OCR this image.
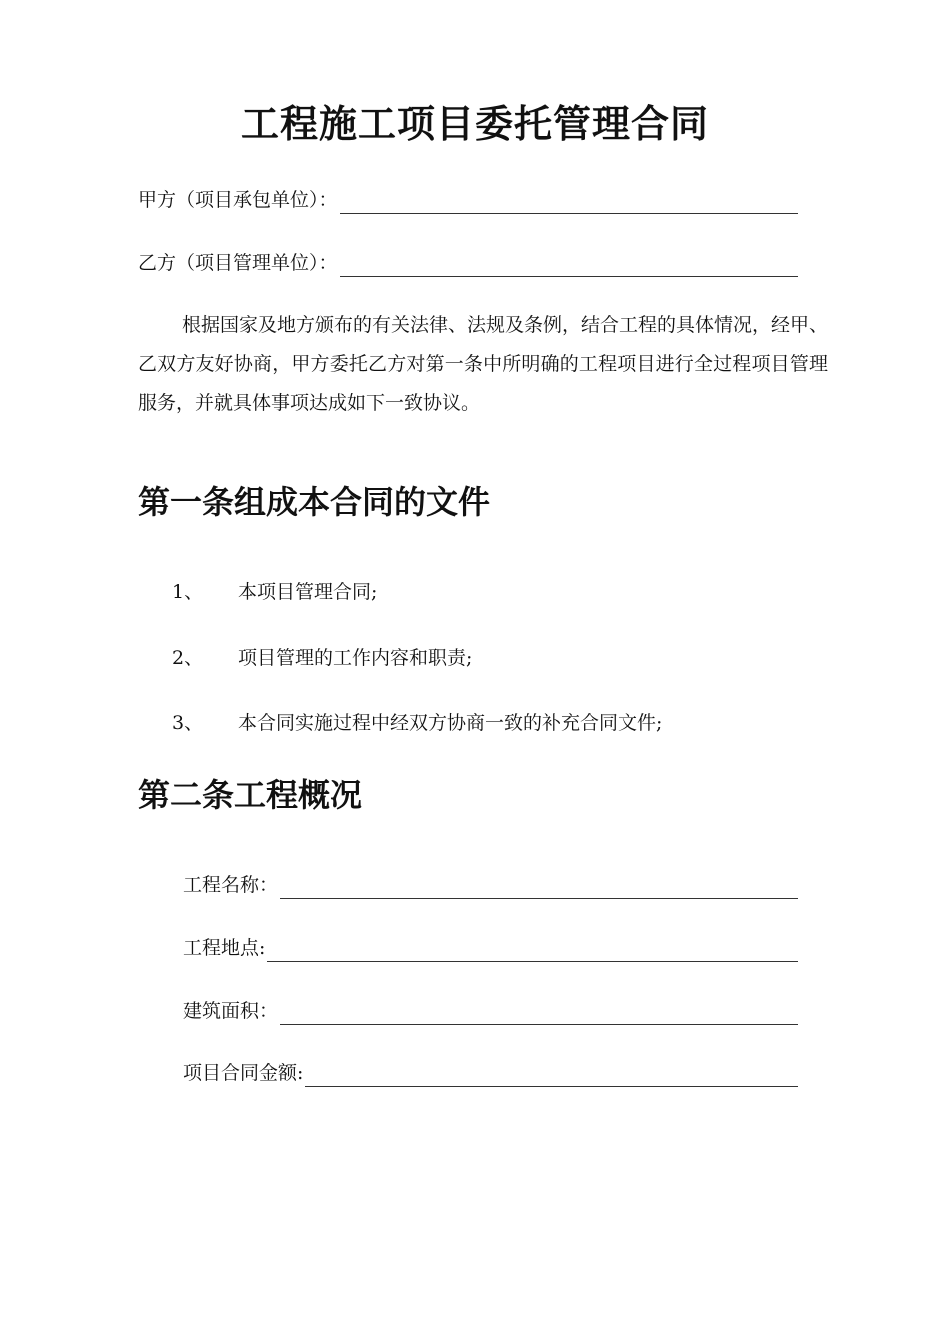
工程施工项目委托管理合同
甲方（项目承包单位）：
乙方（项目管理单位）：
根据国家及地方颁布的有关法律、法规及条例，结合工程的具体情况，经甲、乙双方友好协商，甲方委托乙方对第一条中所明确的工程项目进行全过程项目管理服务，并就具体事项达成如下一致协议。
第一条组成本合同的文件
1、	本项目管理合同;
2、	项目管理的工作内容和职责;
3、	本合同实施过程中经双方协商一致的补充合同文件;
第二条工程概况
工程名称：
工程地点:
建筑面积：
项目合同金额:
